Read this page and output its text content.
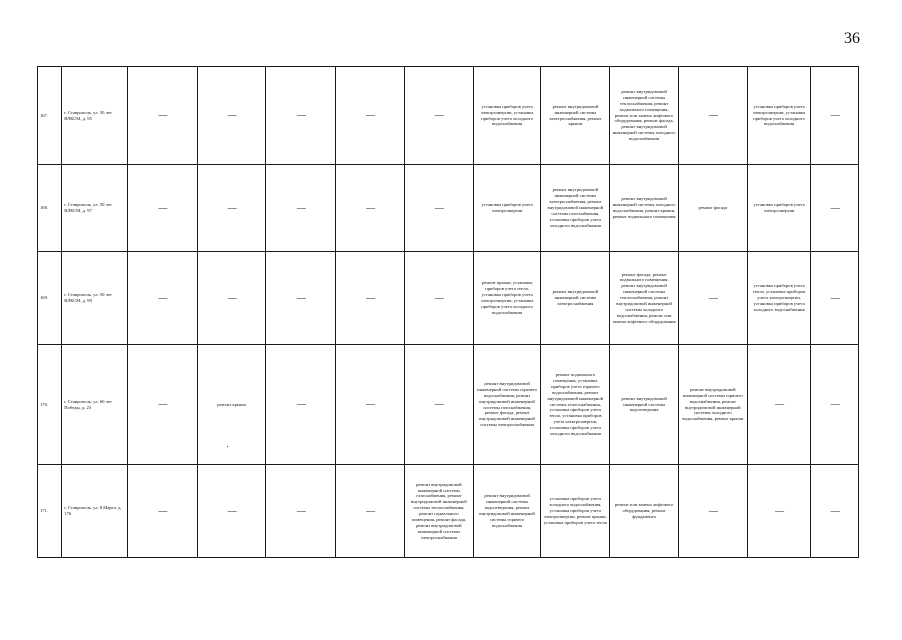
36
167.	г. Ставрополь, ул. 50 лет ВЛКСМ, д. 95	—	—	—	—	—	установка приборов учета электроэнергии, установка приборов учета холодного водоснабжения	ремонт внутридомовой инженерной системы электроснабжения, ремонт крыши	ремонт внутридомовой инженерной системы теплоснабжения, ремонт подвального помещения, ремонт или замена лифтового оборудования, ремонт фасада, ремонт внутридомовой инженерной системы холодного водоснабжения	—	установка приборов учета электроэнергии, установка приборов учета холодного водоснабжения	—

168.	г. Ставрополь, ул. 50 лет ВЛКСМ, д. 97	—	—	—	—	—	установка приборов учета электроэнергии	ремонт внутридомовой инженерной системы электроснабжения, ремонт внутридомовой инженерной системы газоснабжения, установка приборов учета холодного водоснабжения	ремонт внутридомовой инженерной системы холодного водоснабжения, ремонт крыши, ремонт подвального помещения	ремонт фасада	установка приборов учета электроэнергии	—

169.	г. Ставрополь, ул. 50 лет ВЛКСМ, д. 99	—	—	—	—	—	ремонт крыши, установка приборов учета тепла, установка приборов учета электроэнергии, установка приборов учета холодного водоснабжения	ремонт внутридомовой инженерной системы электроснабжения	ремонт фасада, ремонт подвального помещения, ремонт внутридомовой инженерной системы теплоснабжения, ремонт внутридомовой инженерной системы холодного водоснабжения, ремонт или замена лифтового оборудования	—	установка приборов учета тепла, установка приборов учета электроэнергии, установка приборов учета холодного водоснабжения	—

170.	г. Ставрополь, ул. 60 лет Победы, д. 23	—	ремонт крыши	—	—	—	ремонт внутридомовой инженерной системы горячего водоснабжения, ремонт внутридомовой инженерной системы газоснабжения, ремонт фасада, ремонт внутридомовой инженерной системы электроснабжения	ремонт подвального помещения, установка приборов учета горячего водоснабжения, ремонт внутридомовой инженерной системы теплоснабжения, установка приборов учета тепла, установка приборов учета электроэнергии, установка приборов учета холодного водоснабжения	ремонт внутридомовой инженерной системы водоотведения	ремонт внутридомовой инженерной системы горячего водоснабжения, ремонт внутридомовой инженерной системы холодного водоснабжения, ремонт крыши	—	—

171.	г. Ставрополь, ул. 8 Марта, д. 176	—	—	—	—	ремонт внутридомовой инженерной системы газоснабжения, ремонт внутридомовой инженерной системы теплоснабжения, ремонт подвального помещения, ремонт фасада, ремонт внутридомовой инженерной системы электроснабжения	ремонт внутридомовой инженерной системы водоотведения, ремонт внутридомовой инженерной системы горячего водоснабжения	установка приборов учета холодного водоснабжения, установка приборов учета электроэнергии, ремонт крыши, установка приборов учета тепла	ремонт или замена лифтового оборудования, ремонт фундамента	—	—	—
